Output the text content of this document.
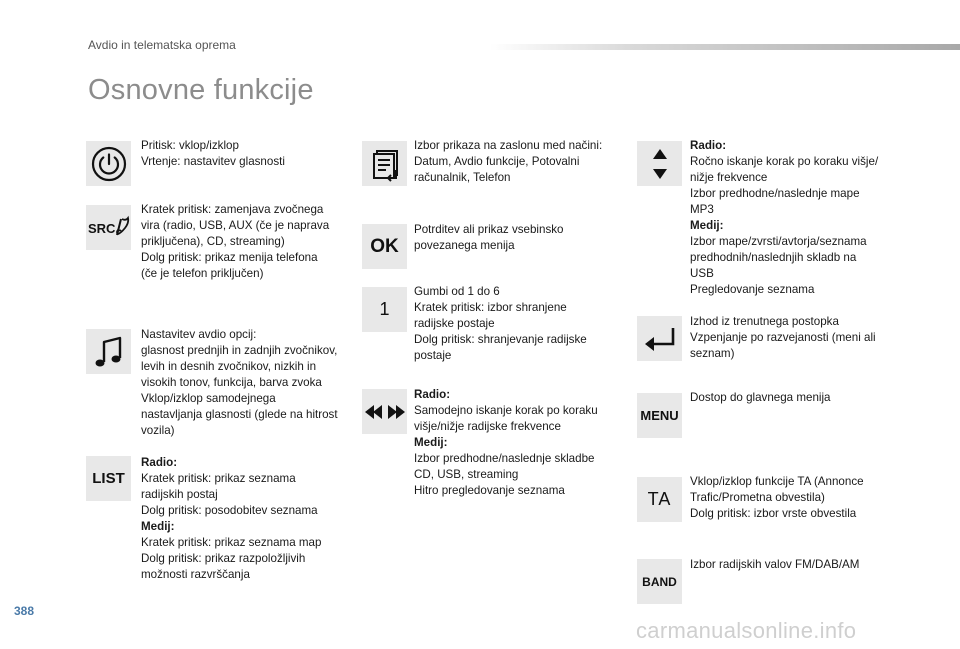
Avdio in telematska oprema
Osnovne funkcije
Pritisk: vklop/izklop
Vrtenje: nastavitev glasnosti
SRC
Kratek pritisk: zamenjava zvočnega
vira (radio, USB, AUX (če je naprava
priključena), CD, streaming)
Dolg pritisk: prikaz menija telefona
(če je telefon priključen)
Nastavitev avdio opcij:
glasnost prednjih in zadnjih zvočnikov,
levih in desnih zvočnikov, nizkih in
visokih tonov, funkcija, barva zvoka
Vklop/izklop samodejnega
nastavljanja glasnosti (glede na hitrost
vozila)
LIST
Radio:
Kratek pritisk: prikaz seznama
radijskih postaj
Dolg pritisk: posodobitev seznama
Medij:
Kratek pritisk: prikaz seznama map
Dolg pritisk: prikaz razpoložljivih
možnosti razvrščanja
Izbor prikaza na zaslonu med načini:
Datum, Avdio funkcije, Potovalni
računalnik, Telefon
OK
Potrditev ali prikaz vsebinsko
povezanega menija
1
Gumbi od 1 do 6
Kratek pritisk: izbor shranjene
radijske postaje
Dolg pritisk: shranjevanje radijske
postaje
Radio:
Samodejno iskanje korak po koraku
višje/nižje radijske frekvence
Medij:
Izbor predhodne/naslednje skladbe
CD, USB, streaming
Hitro pregledovanje seznama
Radio:
Ročno iskanje korak po koraku višje/
nižje frekvence
Izbor predhodne/naslednje mape
MP3
Medij:
Izbor mape/zvrsti/avtorja/seznama
predhodnih/naslednjih skladb na
USB
Pregledovanje seznama
Izhod iz trenutnega postopka
Vzpenjanje po razvejanosti (meni ali
seznam)
MENU
Dostop do glavnega menija
TA
Vklop/izklop funkcije TA (Annonce
Trafic/Prometna obvestila)
Dolg pritisk: izbor vrste obvestila
BAND
Izbor radijskih valov FM/DAB/AM
388
carmanualsonline.info
